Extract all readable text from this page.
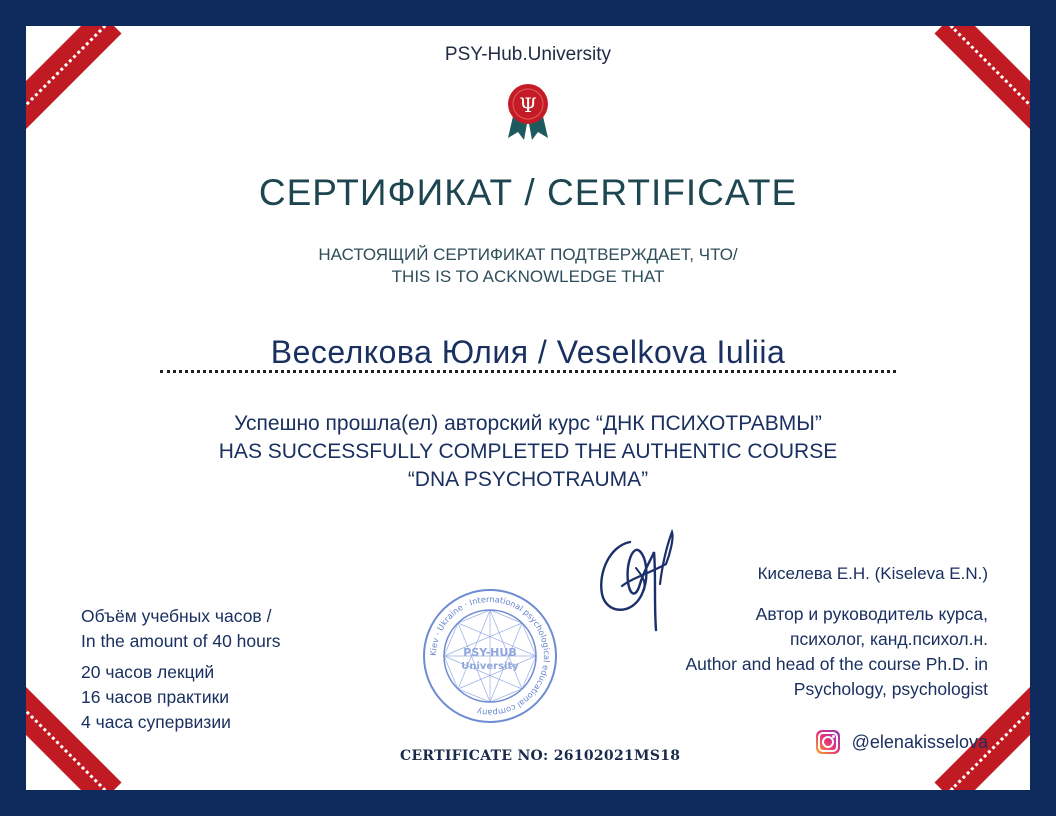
PSY-Hub.University
Ψ
СЕРТИФИКАТ / CERTIFICATE
НАСТОЯЩИЙ СЕРТИФИКАТ ПОДТВЕРЖДАЕТ, ЧТО/
THIS IS TO ACKNOWLEDGE THAT
Веселкова Юлия / Veselkova Iuliia
Успешно прошла(ел) авторский курс “ДНК ПСИХОТРАВМЫ”
HAS SUCCESSFULLY COMPLETED THE AUTHENTIC COURSE
“DNA PSYCHOTRAUMA”
Объём учебных часов /
In the amount of 40 hours
20 часов лекций
16 часов практики
4 часа супервизии
Kiev · Ukraine · International psychological educational company
PSY-HUB
University
CERTIFICATE NO: 26102021MS18
Киселева Е.Н. (Kiseleva E.N.)
Автор и руководитель курса,
психолог, канд.психол.н.
Author and head of the course Ph.D. in
Psychology, psychologist
@elenakisselova
